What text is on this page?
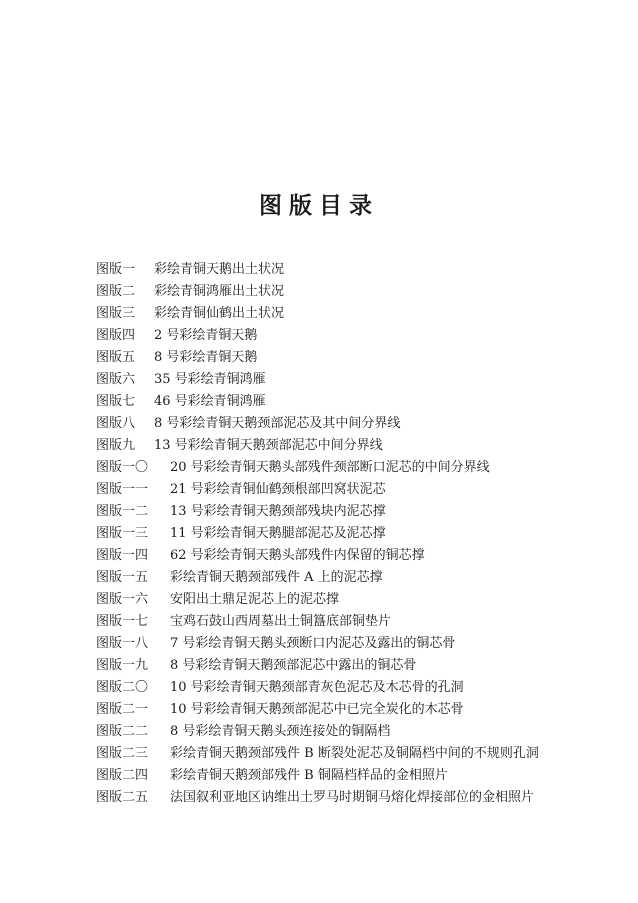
图版目录
图版一	彩绘青铜天鹅出土状况
图版二	彩绘青铜鸿雁出土状况
图版三	彩绘青铜仙鹤出土状况
图版四	2 号彩绘青铜天鹅
图版五	8 号彩绘青铜天鹅
图版六	35 号彩绘青铜鸿雁
图版七	46 号彩绘青铜鸿雁
图版八	8 号彩绘青铜天鹅颈部泥芯及其中间分界线
图版九	13 号彩绘青铜天鹅颈部泥芯中间分界线
图版一〇	20 号彩绘青铜天鹅头部残件颈部断口泥芯的中间分界线
图版一一	21 号彩绘青铜仙鹤颈根部凹窝状泥芯
图版一二	13 号彩绘青铜天鹅颈部残块内泥芯撑
图版一三	11 号彩绘青铜天鹅腿部泥芯及泥芯撑
图版一四	62 号彩绘青铜天鹅头部残件内保留的铜芯撑
图版一五	彩绘青铜天鹅颈部残件 A 上的泥芯撑
图版一六	安阳出土鼎足泥芯上的泥芯撑
图版一七	宝鸡石鼓山西周墓出土铜簋底部铜垫片
图版一八	7 号彩绘青铜天鹅头颈断口内泥芯及露出的铜芯骨
图版一九	8 号彩绘青铜天鹅颈部泥芯中露出的铜芯骨
图版二〇	10 号彩绘青铜天鹅颈部青灰色泥芯及木芯骨的孔洞
图版二一	10 号彩绘青铜天鹅颈部泥芯中已完全炭化的木芯骨
图版二二	8 号彩绘青铜天鹅头颈连接处的铜隔档
图版二三	彩绘青铜天鹅颈部残件 B 断裂处泥芯及铜隔档中间的不规则孔洞
图版二四	彩绘青铜天鹅颈部残件 B 铜隔档样品的金相照片
图版二五	法国叙利亚地区讷维出土罗马时期铜马熔化焊接部位的金相照片
